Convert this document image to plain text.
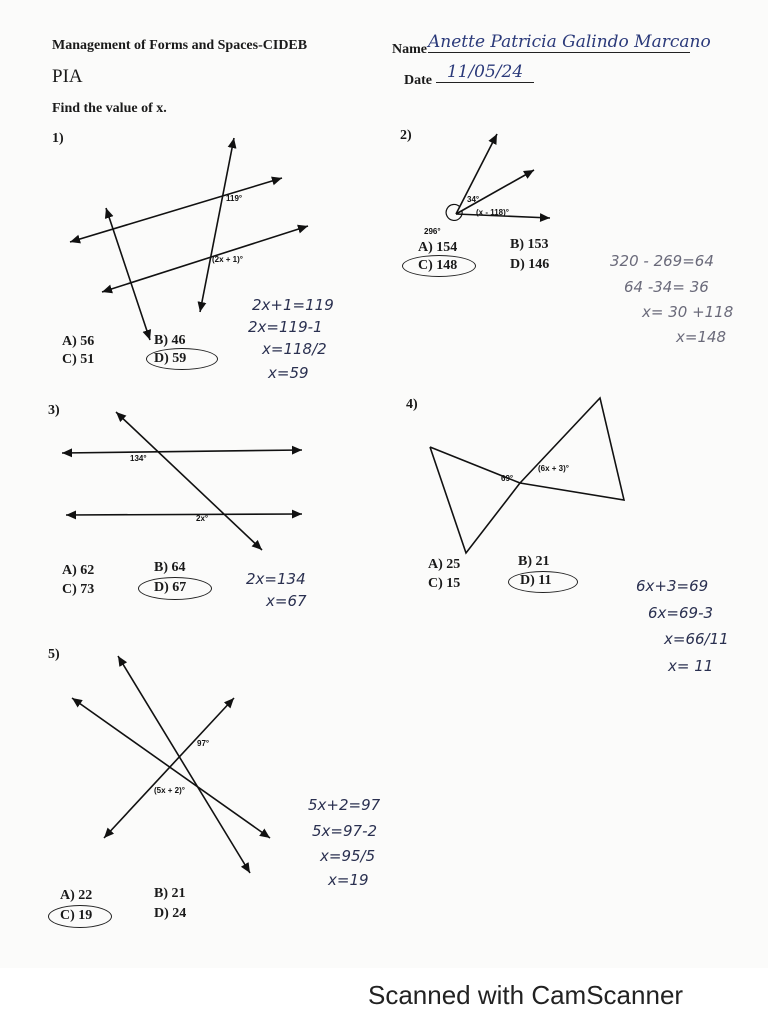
Management of Forms and Spaces-CIDEB
PIA
Find the value of x.
Name Anette Patricia Galindo Marcano
Date 11/05/24
1)	2)
3)	4)
5)
119°
(2x + 1)°
34°
(x - 118)°
296°
134°
2x°
69°
(6x + 3)°
97°
(5x + 2)°
A) 56	B) 46
C) 51	D) 59
A) 154	B) 153
C) 148	D) 146
A) 62	B) 64
C) 73	D) 67
A) 25	B) 21
C) 15	D) 11
A) 22	B) 21
C) 19	D) 24
2x+1=119
2x=119-1
x=118/2
x=59
320 - 269=64
64 -34= 36
x= 30 +118
x=148
2x=134
x=67
6x+3=69
6x=69-3
x=66/11
x= 11
5x+2=97
5x=97-2
x=95/5
x=19
Scanned with CamScanner
